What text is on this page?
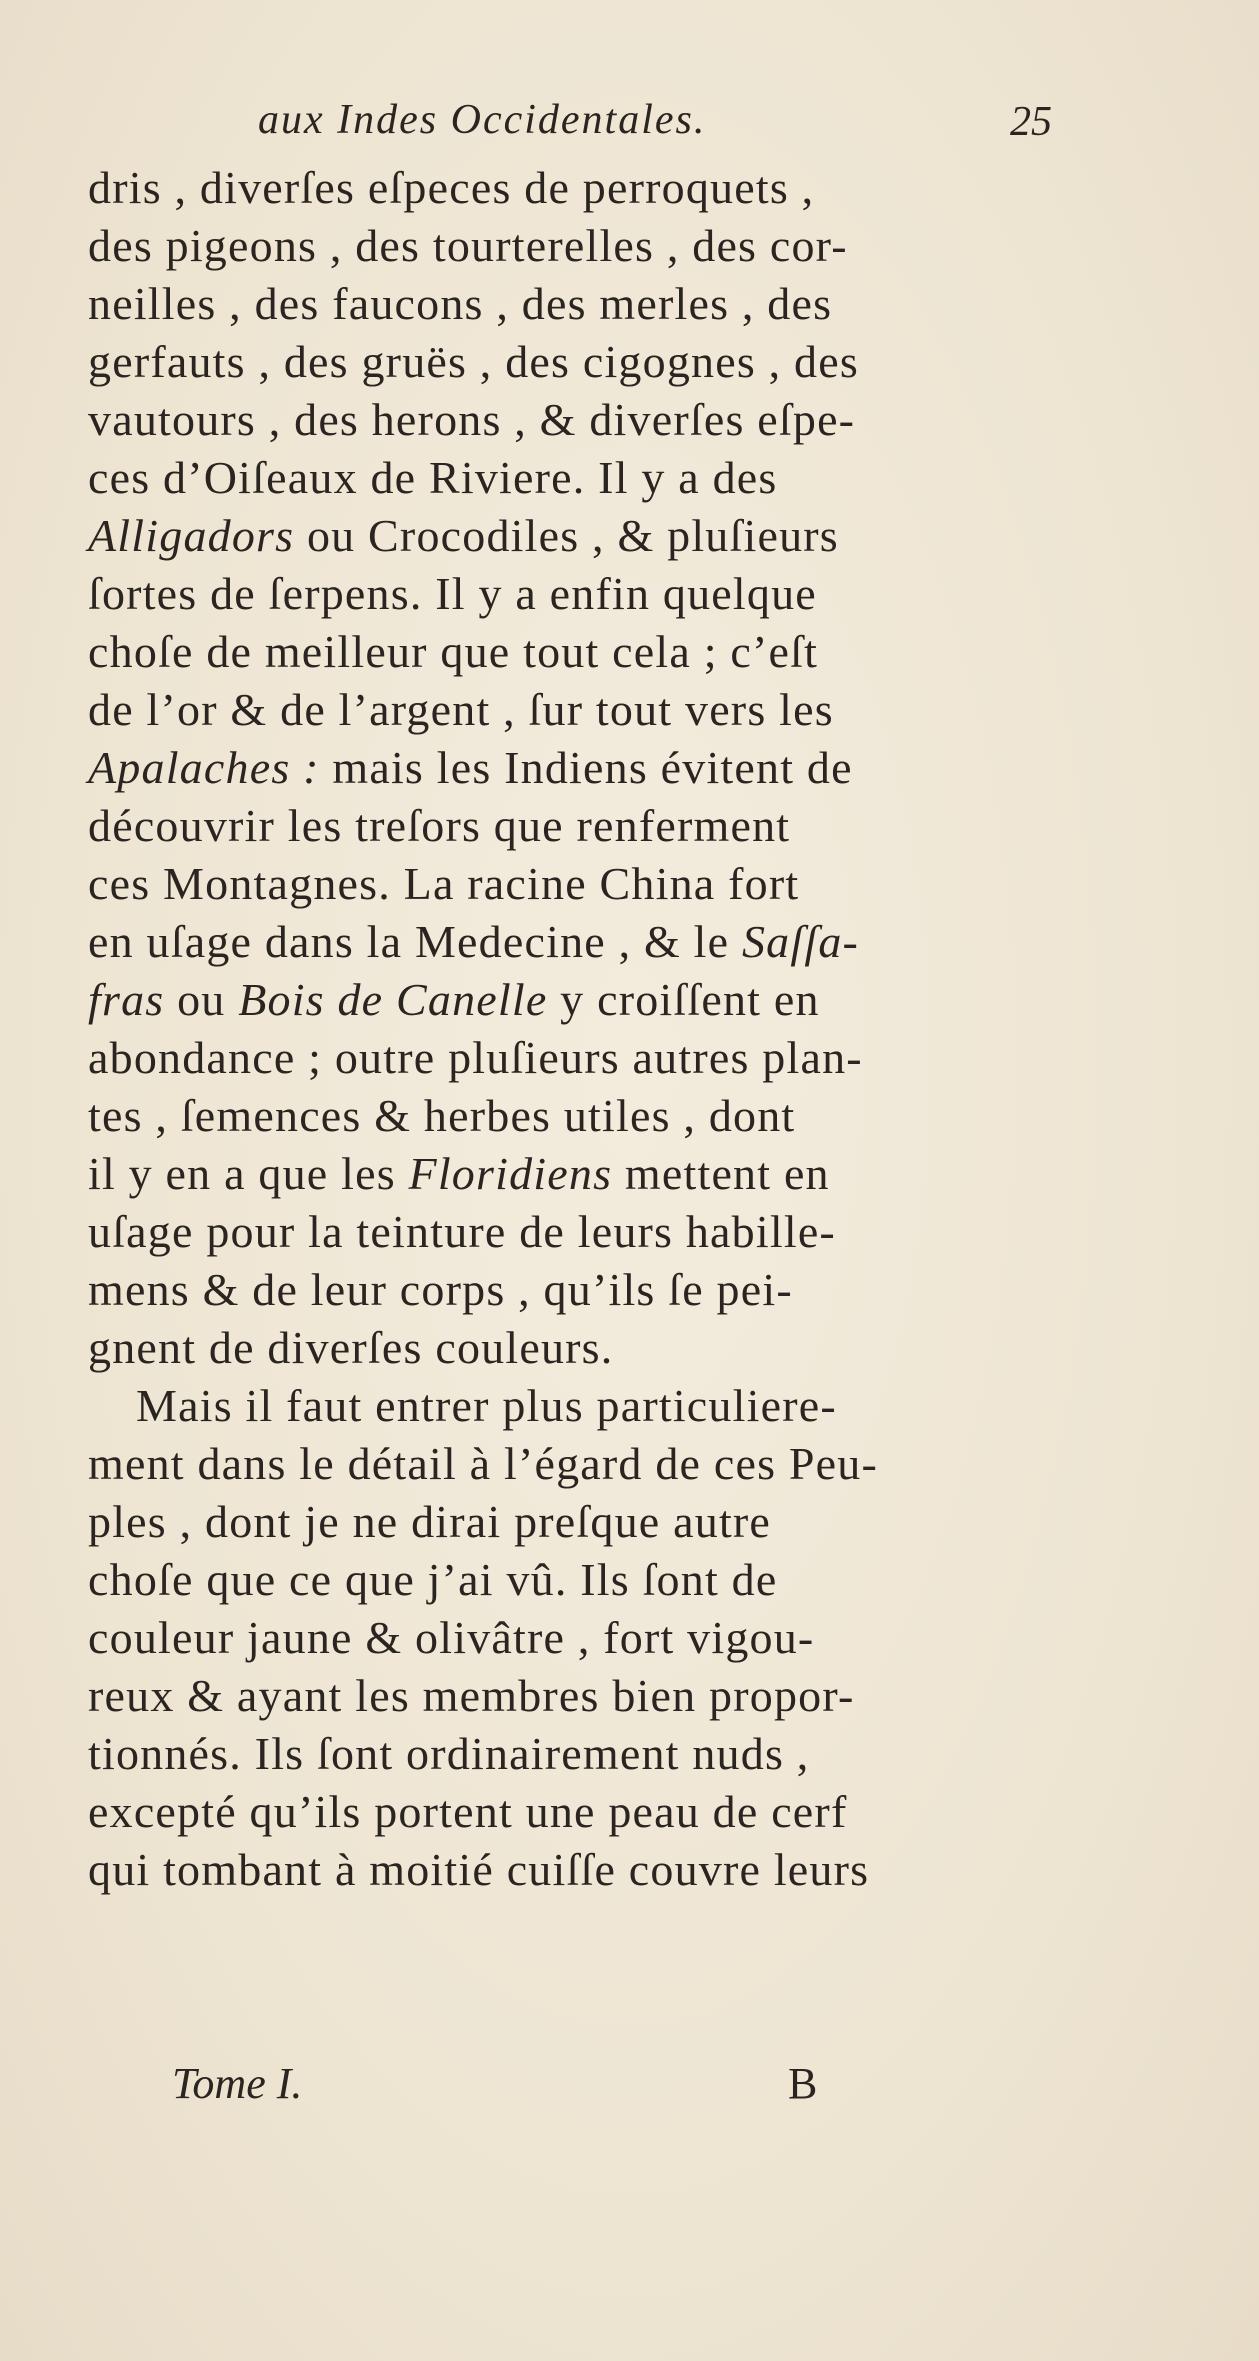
aux Indes Occidentales.	25
dris , diverſes eſpeces de perroquets ,
des pigeons , des tourterelles , des cor-
neilles , des faucons , des merles , des
gerfauts , des gruës , des cigognes , des
vautours , des herons , & diverſes eſpe-
ces d’Oiſeaux de Riviere. Il y a des
Alligadors ou Crocodiles , & pluſieurs
ſortes de ſerpens. Il y a enfin quelque
choſe de meilleur que tout cela ; c’eſt
de l’or & de l’argent , ſur tout vers les
Apalaches : mais les Indiens évitent de
découvrir les treſors que renferment
ces Montagnes. La racine China fort
en uſage dans la Medecine , & le Saſſa-
fras ou Bois de Canelle y croiſſent en
abondance ; outre pluſieurs autres plan-
tes , ſemences & herbes utiles , dont
il y en a que les Floridiens mettent en
uſage pour la teinture de leurs habille-
mens & de leur corps , qu’ils ſe pei-
gnent de diverſes couleurs.
Mais il faut entrer plus particuliere-
ment dans le détail à l’égard de ces Peu-
ples , dont je ne dirai preſque autre
choſe que ce que j’ai vû. Ils ſont de
couleur jaune & olivâtre , fort vigou-
reux & ayant les membres bien propor-
tionnés. Ils ſont ordinairement nuds ,
excepté qu’ils portent une peau de cerf
qui tombant à moitié cuiſſe couvre leurs
Tome I.	B
